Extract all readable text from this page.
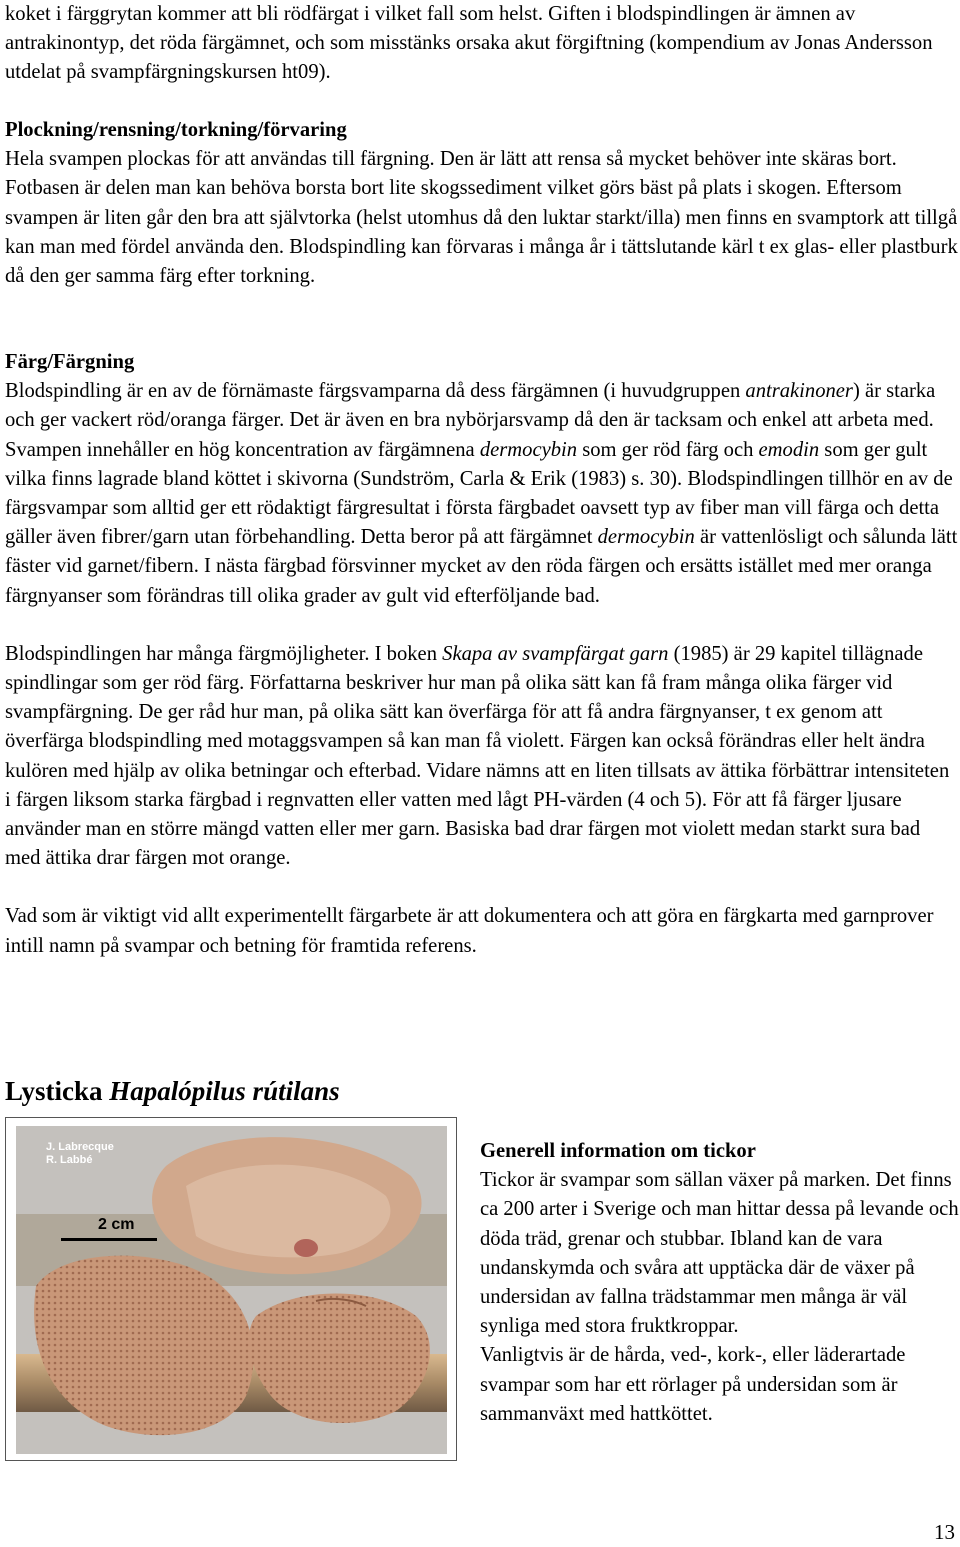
koket i färggrytan kommer att bli rödfärgat i vilket fall som helst. Giften i blodspindlingen är ämnen av antrakinontyp, det röda färgämnet, och som misstänks orsaka akut förgiftning (kompendium av Jonas Andersson utdelat på svampfärgningskursen ht09).

Plockning/rensning/torkning/förvaring

Hela svampen plockas för att användas till färgning. Den är lätt att rensa så mycket behöver inte skäras bort. Fotbasen är delen man kan behöva borsta bort lite skogssediment vilket görs bäst på plats i skogen. Eftersom svampen är liten går den bra att självtorka (helst utomhus då den luktar starkt/illa) men finns en svamptork att tillgå kan man med fördel använda den. Blodspindling kan förvaras i många år i tättslutande kärl t ex glas- eller plastburk då den ger samma färg efter torkning.

Färg/Färgning

Blodspindling är en av de förnämaste färgsvamparna då dess färgämnen (i huvudgruppen antrakinoner) är starka och ger vackert röd/oranga färger. Det är även en bra nybörjarsvamp då den är tacksam och enkel att arbeta med. Svampen innehåller en hög koncentration av färgämnena dermocybin som ger röd färg och emodin som ger gult vilka finns lagrade bland köttet i skivorna (Sundström, Carla & Erik (1983) s. 30). Blodspindlingen tillhör en av de färgsvampar som alltid ger ett rödaktigt färgresultat i första färgbadet oavsett typ av fiber man vill färga och detta gäller även fibrer/garn utan förbehandling. Detta beror på att färgämnet dermocybin är vattenlösligt och sålunda lätt fäster vid garnet/fibern. I nästa färgbad försvinner mycket av den röda färgen och ersätts istället med mer oranga färgnyanser som förändras till olika grader av gult vid efterföljande bad.

Blodspindlingen har många färgmöjligheter. I boken Skapa av svampfärgat garn (1985) är 29 kapitel tillägnade spindlingar som ger röd färg. Författarna beskriver hur man på olika sätt kan få fram många olika färger vid svampfärgning. De ger råd hur man, på olika sätt kan överfärga för att få andra färgnyanser, t ex genom att överfärga blodspindling med motaggsvampen så kan man få violett. Färgen kan också förändras eller helt ändra kulören med hjälp av olika betningar och efterbad. Vidare nämns att en liten tillsats av ättika förbättrar intensiteten i färgen liksom starka färgbad i regnvatten eller vatten med lågt PH-värden (4 och 5). För att få färger ljusare använder man en större mängd vatten eller mer garn. Basiska bad drar färgen mot violett medan starkt sura bad med ättika drar färgen mot orange.

Vad som är viktigt vid allt experimentellt färgarbete är att dokumentera och att göra en färgkarta med garnprover intill namn på svampar och betning för framtida referens.

Lysticka Hapalópilus rútilans

J. Labrecque
R. Labbé
2 cm

Generell information om tickor

Tickor är svampar som sällan växer på marken. Det finns ca 200 arter i Sverige och man hittar dessa på levande och döda träd, grenar och stubbar. Ibland kan de vara undanskymda och svåra att upptäcka där de växer på undersidan av fallna trädstammar men många är väl synliga med stora fruktkroppar.

Vanligtvis är de hårda, ved-, kork-, eller läderartade svampar som har ett rörlager på undersidan som är sammanväxt med hattköttet.

13
